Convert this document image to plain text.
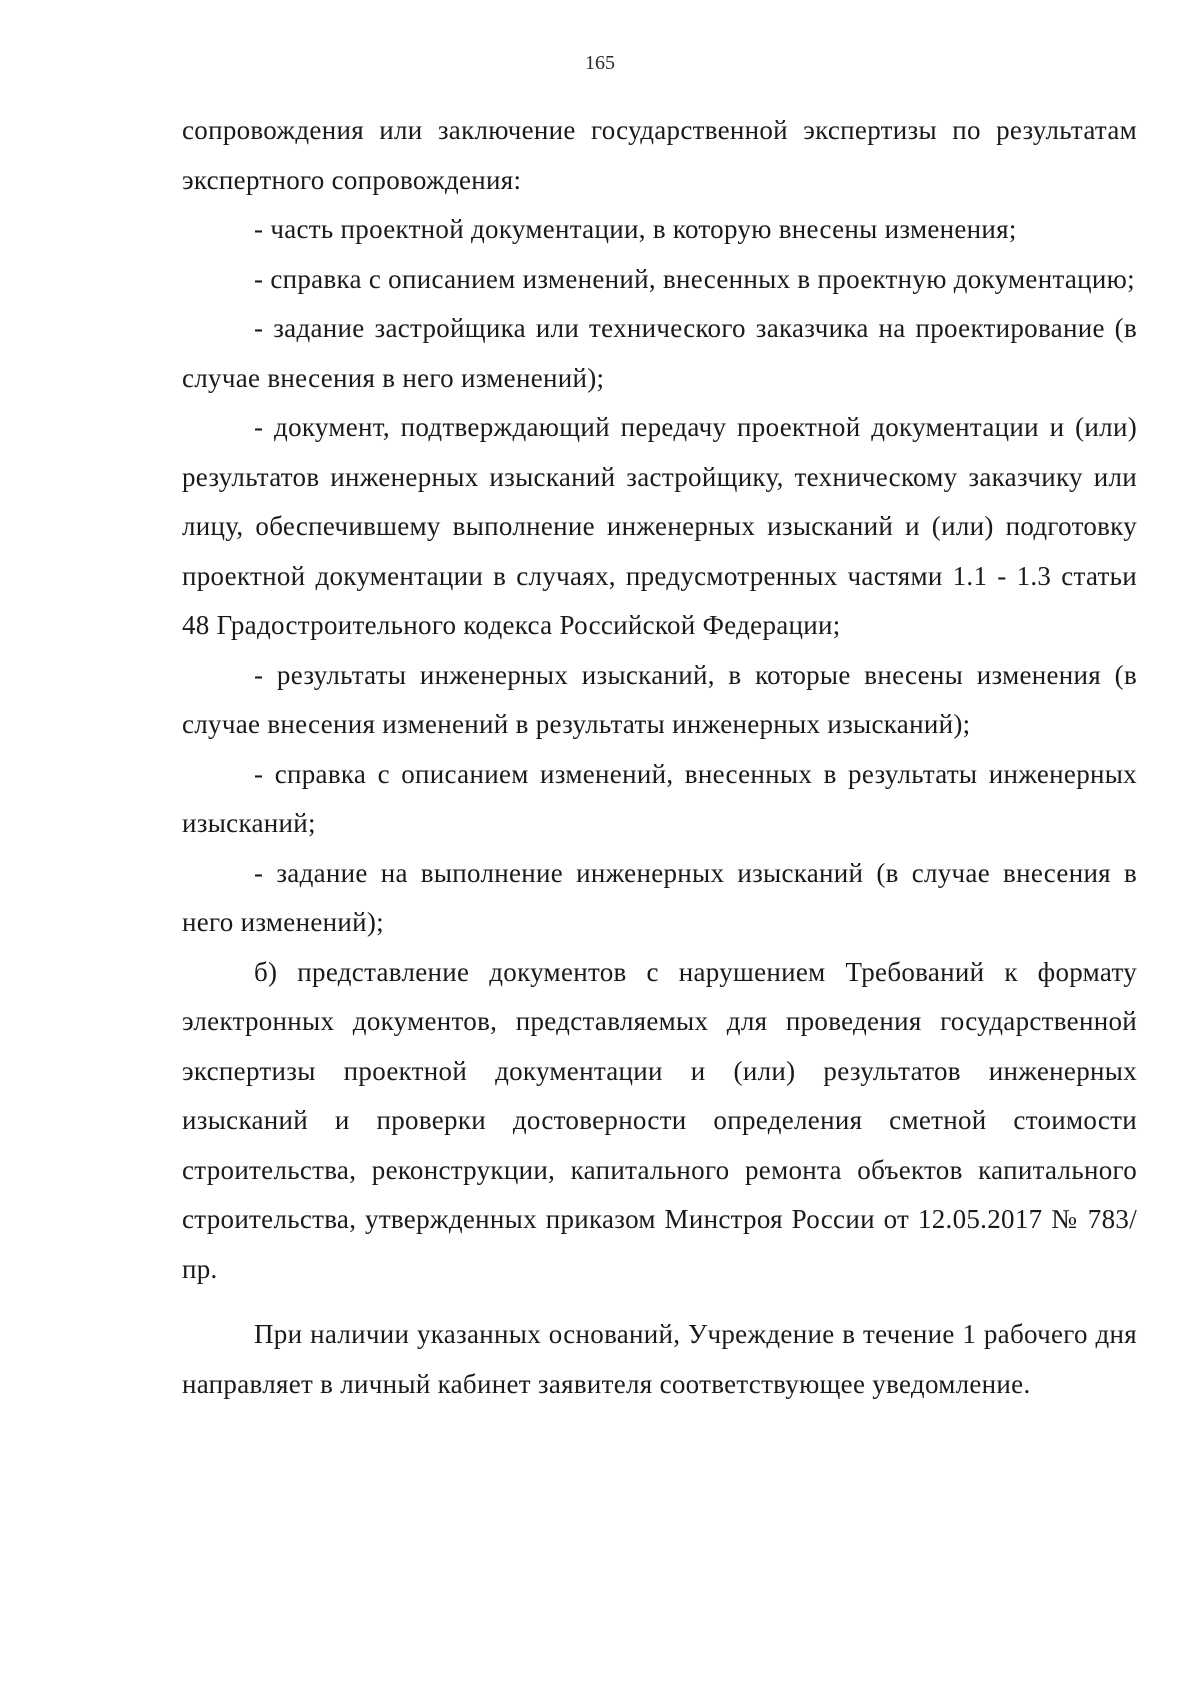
165

сопровождения или заключение государственной экспертизы по результатам экспертного сопровождения:

- часть проектной документации, в которую внесены изменения;

- справка с описанием изменений, внесенных в проектную документацию;

- задание застройщика или технического заказчика на проектирование (в случае внесения в него изменений);

- документ, подтверждающий передачу проектной документации и (или) результатов инженерных изысканий застройщику, техническому заказчику или лицу, обеспечившему выполнение инженерных изысканий и (или) подготовку проектной документации в случаях, предусмотренных частями 1.1 - 1.3 статьи 48 Градостроительного кодекса Российской Федерации;

- результаты инженерных изысканий, в которые внесены изменения (в случае внесения изменений в результаты инженерных изысканий);

- справка с описанием изменений, внесенных в результаты инженерных изысканий;

- задание на выполнение инженерных изысканий (в случае внесения в него изменений);

б) представление документов с нарушением Требований к формату электронных документов, представляемых для проведения государственной экспертизы проектной документации и (или) результатов инженерных изысканий и проверки достоверности определения сметной стоимости строительства, реконструкции, капитального ремонта объектов капитального строительства, утвержденных приказом Минстроя России от 12.05.2017 № 783/пр.

При наличии указанных оснований, Учреждение в течение 1 рабочего дня направляет в личный кабинет заявителя соответствующее уведомление.
